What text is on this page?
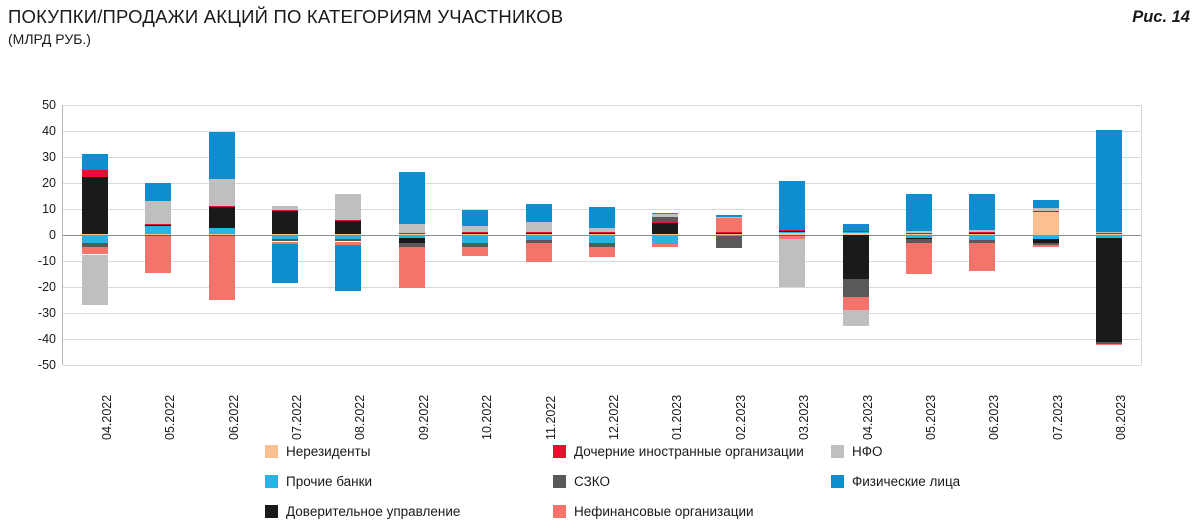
ПОКУПКИ/ПРОДАЖИ АКЦИЙ ПО КАТЕГОРИЯМ УЧАСТНИКОВ
(МЛРД РУБ.)
Рис. 14
-50
-40
-30
-20
-10
0
10
20
30
40
50
04.2022	05.2022	06.2022	07.2022	08.2022	09.2022	10.2022	11.2022	12.2022	01.2023	02.2023	03.2023	04.2023	05.2023	06.2023	07.2023	08.2023
Нерезиденты	Дочерние иностранные организации	НФО
Прочие банки	СЗКО	Физические лица
Доверительное управление	Нефинансовые организации
